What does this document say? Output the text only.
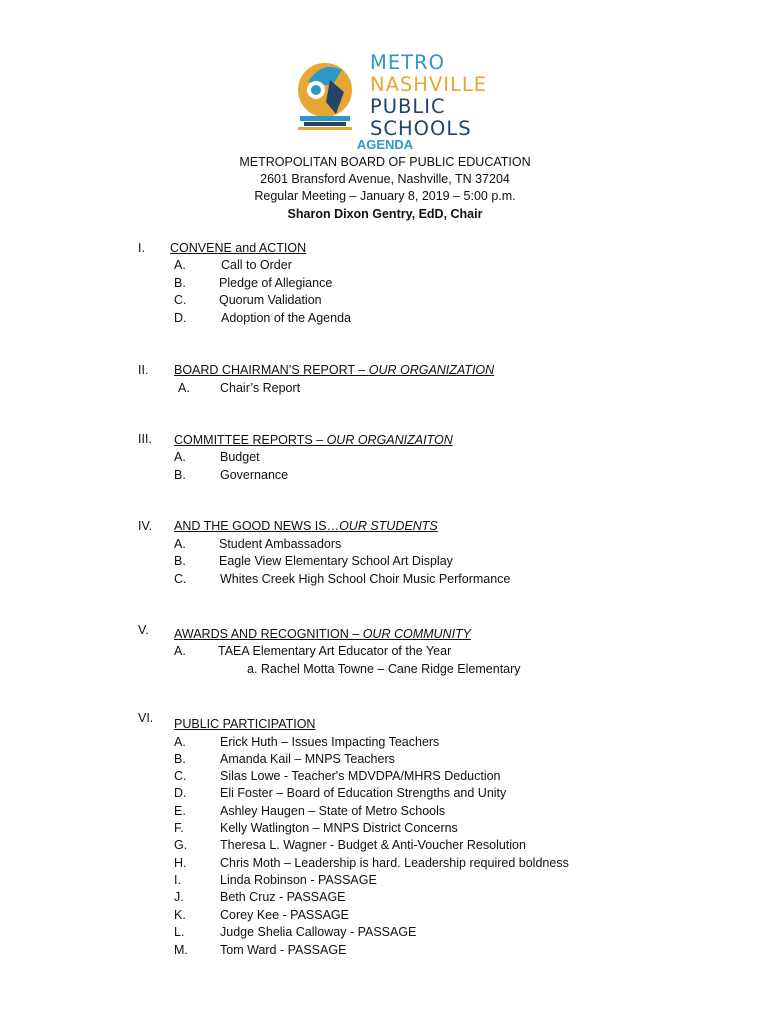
METRO
NASHVILLE
PUBLIC
SCHOOLS
AGENDA
METROPOLITAN BOARD OF PUBLIC EDUCATION
2601 Bransford Avenue, Nashville, TN 37204
Regular Meeting – January 8, 2019 – 5:00 p.m.
Sharon Dixon Gentry, EdD, Chair
I. CONVENE and ACTION
A.	Call to Order
B.	Pledge of Allegiance
C.	Quorum Validation
D.	Adoption of the Agenda
II. BOARD CHAIRMAN’S REPORT – OUR ORGANIZATION
A. Chair’s Report
III. COMMITTEE REPORTS – OUR ORGANIZAITON
A.	Budget
B.	Governance
IV. AND THE GOOD NEWS IS…OUR STUDENTS
A.	Student Ambassadors
B.	Eagle View Elementary School Art Display
C.	Whites Creek High School Choir Music Performance
V. AWARDS AND RECOGNITION – OUR COMMUNITY
A.	TAEA Elementary Art Educator of the Year
a. Rachel Motta Towne – Cane Ridge Elementary
VI. PUBLIC PARTICIPATION
A.	Erick Huth – Issues Impacting Teachers
B.	Amanda Kail – MNPS Teachers
C.	Silas Lowe - Teacher's MDVDPA/MHRS Deduction
D.	Eli Foster – Board of Education Strengths and Unity
E.	Ashley Haugen – State of Metro Schools
F.	Kelly Watlington – MNPS District Concerns
G.	Theresa L. Wagner - Budget & Anti-Voucher Resolution
H.	Chris Moth – Leadership is hard. Leadership required boldness
I.	Linda Robinson - PASSAGE
J.	Beth Cruz - PASSAGE
K.	Corey Kee - PASSAGE
L.	Judge Shelia Calloway - PASSAGE
M.	Tom Ward - PASSAGE
